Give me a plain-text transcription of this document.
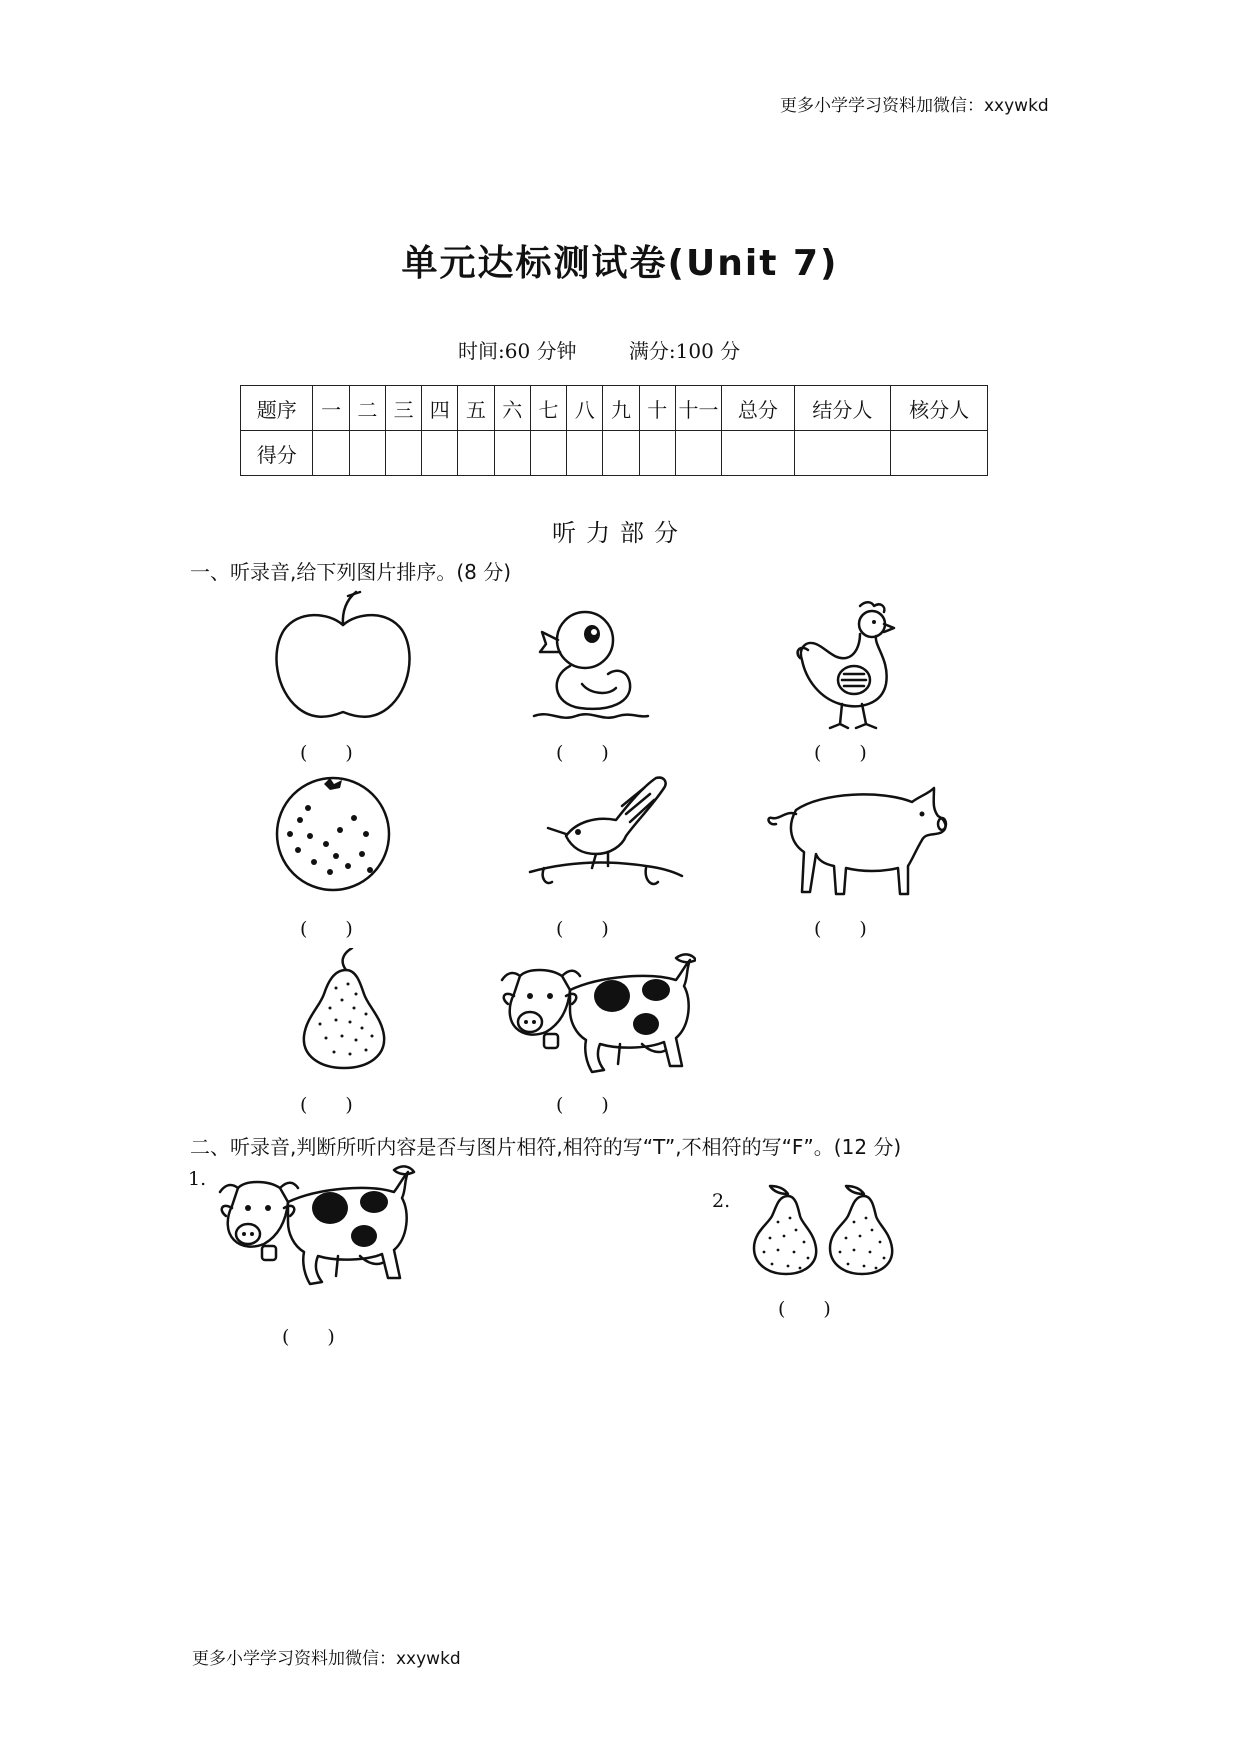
更多小学学习资料加微信：xxywkd
单元达标测试卷(Unit 7)
时间:60 分钟	满分:100 分
题序	一	二	三	四	五	六	七	八	九	十	十一	总分	结分人	核分人
得分														
听力部分
一、听录音,给下列图片排序。(8 分)
(　　)	(　　)	(　　)
(　　)	(　　)	(　　)
(　　)	(　　)
二、听录音,判断所听内容是否与图片相符,相符的写“T”,不相符的写“F”。(12 分)
1.
(　　)
2.
(　　)
更多小学学习资料加微信：xxywkd
